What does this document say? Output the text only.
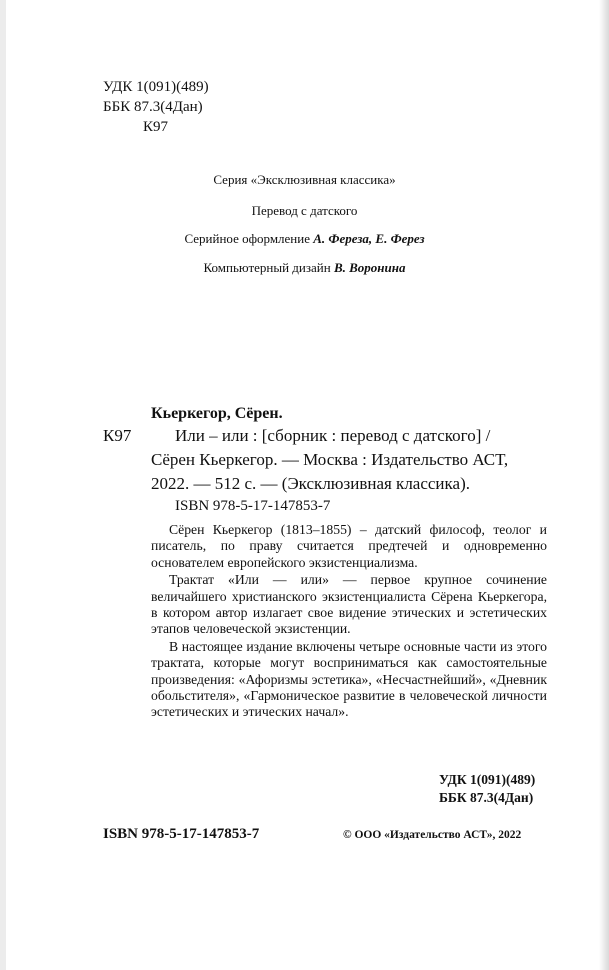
УДК 1(091)(489)
ББК 87.3(4Дан)
К97
Серия «Эксклюзивная классика»
Перевод с датского
Серийное оформление А. Фереза, Е. Ферез
Компьютерный дизайн В. Воронина
Кьеркегор, Сёрен.
К97	Или – или : [сборник : перевод с датского] /
Сёрен Кьеркегор. — Москва : Издательство АСТ,
2022. — 512 с. — (Эксклюзивная классика).
ISBN 978-5-17-147853-7

Сёрен Кьеркегор (1813–1855) – датский философ, теолог и писатель, по праву считается предтечей и одновременно основателем европейского экзистенциализма.

Трактат «Или — или» — первое крупное сочинение величайшего христианского экзистенциалиста Сёрена Кьеркегора, в котором автор излагает свое видение этических и эстетических этапов человеческой экзистенции.

В настоящее издание включены четыре основные части из этого трактата, которые могут восприниматься как самостоятельные произведения: «Афоризмы эстетика», «Несчастнейший», «Дневник обольстителя», «Гармоническое развитие в человеческой личности эстетических и этических начал».

УДК 1(091)(489)
ББК 87.3(4Дан)
ISBN 978-5-17-147853-7	© ООО «Издательство АСТ», 2022
